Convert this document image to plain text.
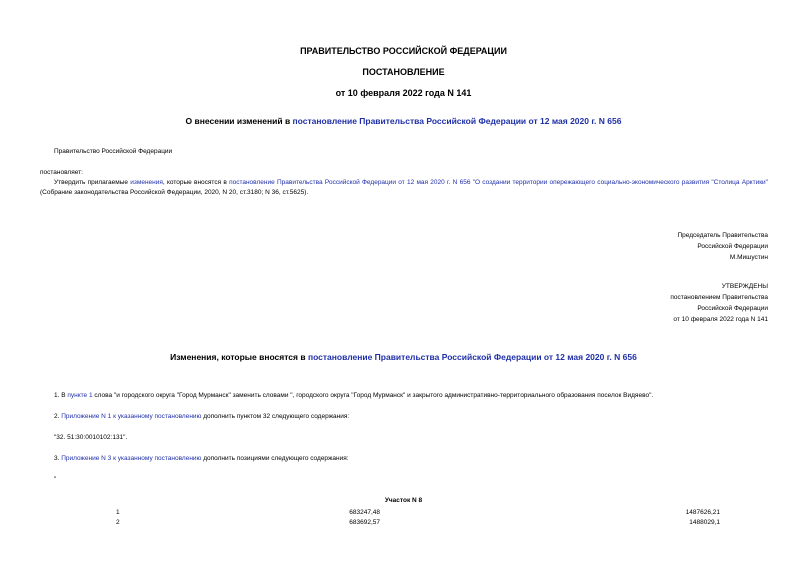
ПРАВИТЕЛЬСТВО РОССИЙСКОЙ ФЕДЕРАЦИИ
ПОСТАНОВЛЕНИЕ
от 10 февраля 2022 года N 141
О внесении изменений в постановление Правительства Российской Федерации от 12 мая 2020 г. N 656
Правительство Российской Федерации
постановляет:
Утвердить прилагаемые изменения, которые вносятся в постановление Правительства Российской Федерации от 12 мая 2020 г. N 656 "О создании территории опережающего социально-экономического развития "Столица Арктики" (Собрание законодательства Российской Федерации, 2020, N 20, ст.3180; N 36, ст.5625).
Председатель Правительства
Российской Федерации
М.Мишустин
УТВЕРЖДЕНЫ
постановлением Правительства
Российской Федерации
от 10 февраля 2022 года N 141
Изменения, которые вносятся в постановление Правительства Российской Федерации от 12 мая 2020 г. N 656
1. В пункте 1 слова "и городского округа "Город Мурманск" заменить словами ", городского округа "Город Мурманск" и закрытого административно-территориального образования поселок Видяево".
2. Приложение N 1 к указанному постановлению дополнить пунктом 32 следующего содержания:
"32. 51:30:0010102:131".
3. Приложение N 3 к указанному постановлению дополнить позициями следующего содержания:
"
Участок N 8
1	683247,48	1487626,21
2	683692,57	1488029,1
